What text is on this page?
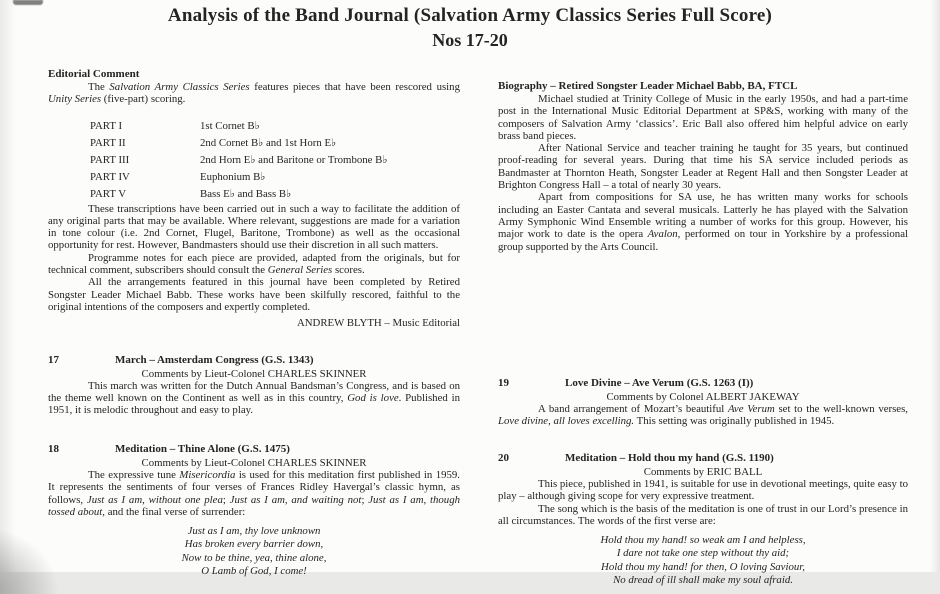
Analysis of the Band Journal (Salvation Army Classics Series Full Score)
Nos 17-20
Editorial Comment

The Salvation Army Classics Series features pieces that have been rescored using Unity Series (five-part) scoring.

PART I	1st Cornet B♭
PART II	2nd Cornet B♭ and 1st Horn E♭
PART III	2nd Horn E♭ and Baritone or Trombone B♭
PART IV	Euphonium B♭
PART V	Bass E♭ and Bass B♭

These transcriptions have been carried out in such a way to facilitate the addition of any original parts that may be available. Where relevant, suggestions are made for a variation in tone colour (i.e. 2nd Cornet, Flugel, Baritone, Trombone) as well as the occasional opportunity for rest. However, Bandmasters should use their discretion in all such matters.

Programme notes for each piece are provided, adapted from the originals, but for technical comment, subscribers should consult the General Series scores.

All the arrangements featured in this journal have been completed by Retired Songster Leader Michael Babb. These works have been skilfully rescored, faithful to the original intentions of the composers and expertly completed.

ANDREW BLYTH – Music Editorial
17	March – Amsterdam Congress (G.S. 1343)
Comments by Lieut-Colonel CHARLES SKINNER

This march was written for the Dutch Annual Bandsman’s Congress, and is based on the theme well known on the Continent as well as in this country, God is love. Published in 1951, it is melodic throughout and easy to play.

18	Meditation – Thine Alone (G.S. 1475)
Comments by Lieut-Colonel CHARLES SKINNER

The expressive tune Misericordia is used for this meditation first published in 1959. It represents the sentiments of four verses of Frances Ridley Havergal’s classic hymn, as follows, Just as I am, without one plea; Just as I am, and waiting not; Just as I am, though tossed about, and the final verse of surrender:

Just as I am, thy love unknown
Has broken every barrier down,
Now to be thine, yea, thine alone,
O Lamb of God, I come!
Biography – Retired Songster Leader Michael Babb, BA, FTCL

Michael studied at Trinity College of Music in the early 1950s, and had a part-time post in the International Music Editorial Department at SP&S, working with many of the composers of Salvation Army ‘classics’. Eric Ball also offered him helpful advice on early brass band pieces.

After National Service and teacher training he taught for 35 years, but continued proof-reading for several years. During that time his SA service included periods as Bandmaster at Thornton Heath, Songster Leader at Regent Hall and then Songster Leader at Brighton Congress Hall – a total of nearly 30 years.

Apart from compositions for SA use, he has written many works for schools including an Easter Cantata and several musicals. Latterly he has played with the Salvation Army Symphonic Wind Ensemble writing a number of works for this group. However, his major work to date is the opera Avalon, performed on tour in Yorkshire by a professional group supported by the Arts Council.

19	Love Divine – Ave Verum (G.S. 1263 (I))
Comments by Colonel ALBERT JAKEWAY

A band arrangement of Mozart’s beautiful Ave Verum set to the well-known verses, Love divine, all loves excelling. This setting was originally published in 1945.

20	Meditation – Hold thou my hand (G.S. 1190)
Comments by ERIC BALL

This piece, published in 1941, is suitable for use in devotional meetings, quite easy to play – although giving scope for very expressive treatment.

The song which is the basis of the meditation is one of trust in our Lord’s presence in all circumstances. The words of the first verse are:

Hold thou my hand! so weak am I and helpless,
I dare not take one step without thy aid;
Hold thou my hand! for then, O loving Saviour,
No dread of ill shall make my soul afraid.
